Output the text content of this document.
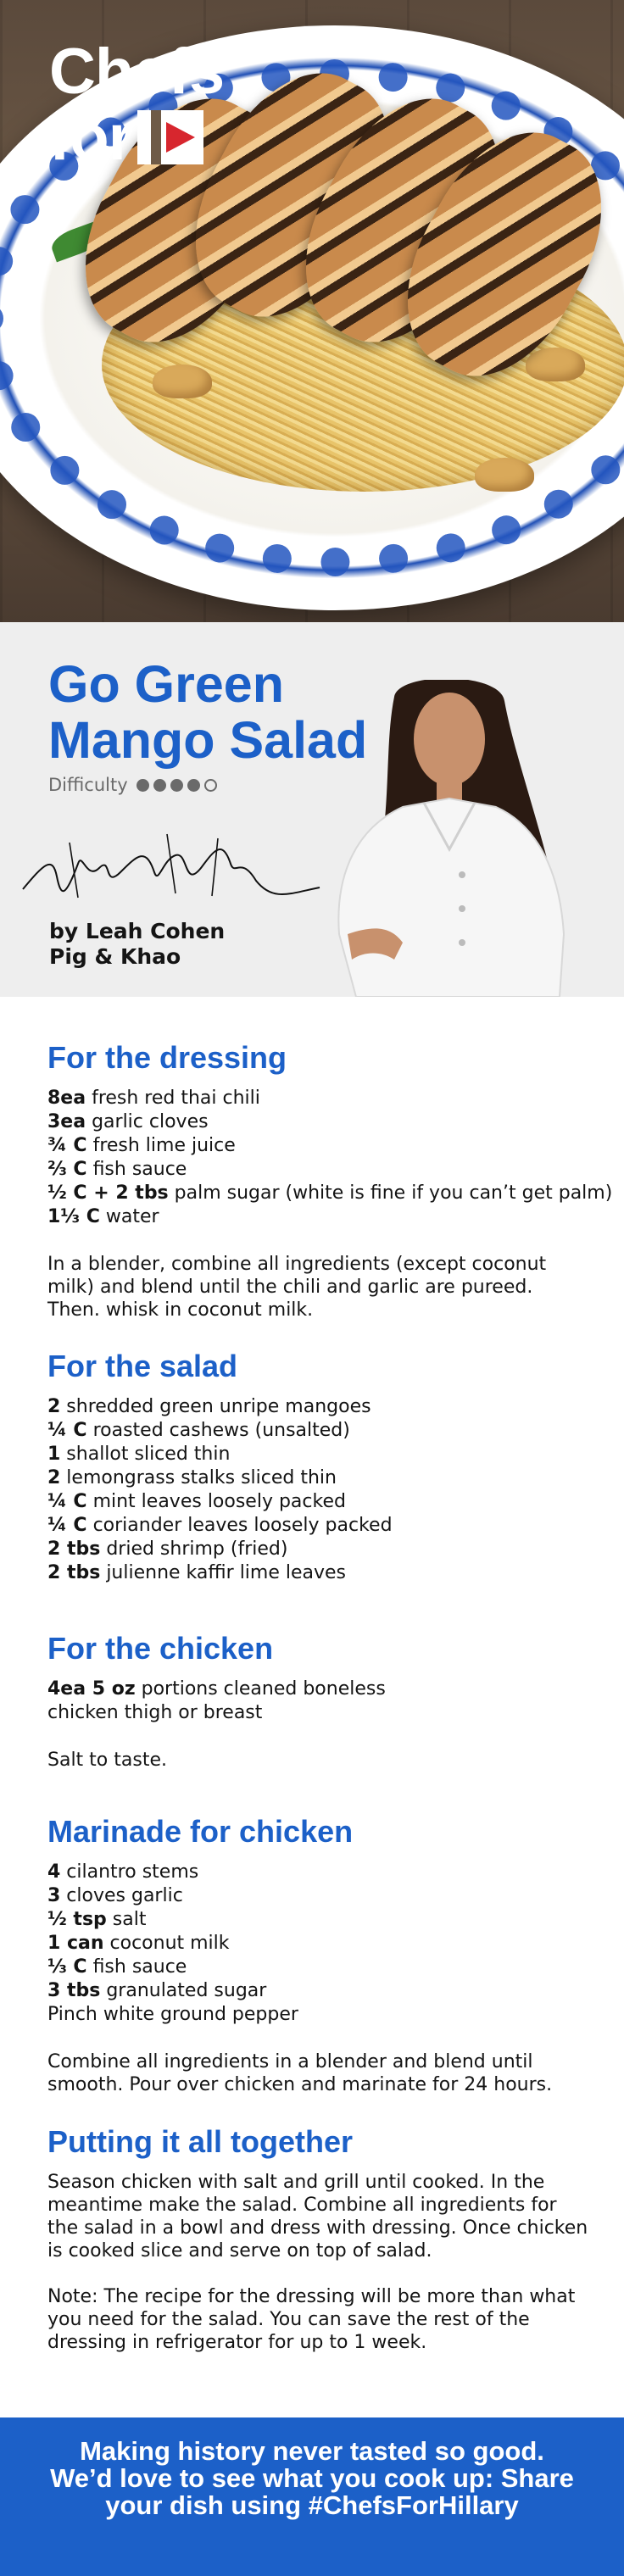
Chefs
for
Go Green Mango Salad
Difficulty
by Leah Cohen
Pig & Khao
For the dressing
8ea fresh red thai chili
3ea garlic cloves
¾ C fresh lime juice
⅔ C fish sauce
½ C + 2 tbs palm sugar (white is fine if you can’t get palm)
1⅓ C water

In a blender, combine all ingredients (except coconut milk) and blend until the chili and garlic are pureed. Then. whisk in coconut milk.

For the salad
2 shredded green unripe mangoes
¼ C roasted cashews (unsalted)
1 shallot sliced thin
2 lemongrass stalks sliced thin
¼ C mint leaves loosely packed
¼ C coriander leaves loosely packed
2 tbs dried shrimp (fried)
2 tbs julienne kaffir lime leaves
For the chicken
4ea 5 oz portions cleaned boneless
chicken thigh or breast

Salt to taste.

Marinade for chicken
4 cilantro stems
3 cloves garlic
½ tsp salt
1 can coconut milk
⅓ C fish sauce
3 tbs granulated sugar
Pinch white ground pepper

Combine all ingredients in a blender and blend until smooth. Pour over chicken and marinate for 24 hours.

Putting it all together

Season chicken with salt and grill until cooked. In the meantime make the salad. Combine all ingredients for the salad in a bowl and dress with dressing. Once chicken is cooked slice and serve on top of salad.

Note: The recipe for the dressing will be more than what you need for the salad. You can save the rest of the dressing in refrigerator for up to 1 week.

Making history never tasted so good. We’d love to see what you cook up: Share your dish using #ChefsForHillary
